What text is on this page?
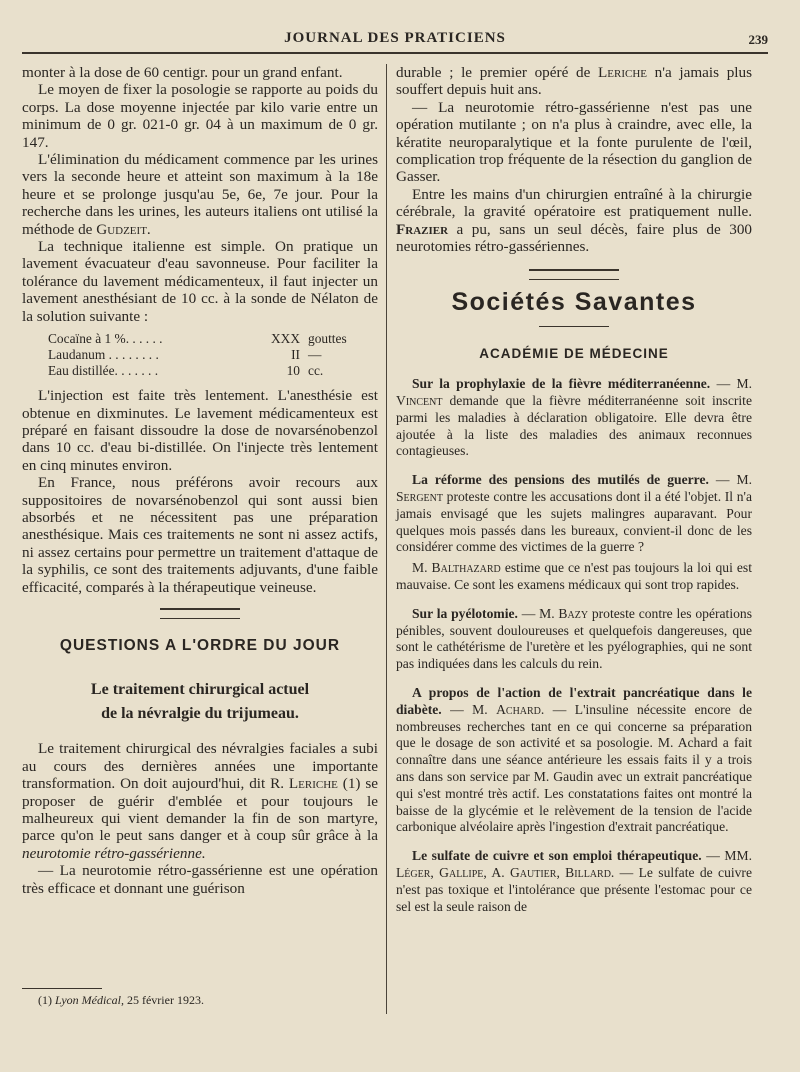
JOURNAL DES PRATICIENS	239

monter à la dose de 60 centigr. pour un grand enfant.

Le moyen de fixer la posologie se rapporte au poids du corps. La dose moyenne injectée par kilo varie entre un minimum de 0 gr. 021-0 gr. 04 à un maximum de 0 gr. 147.

L'élimination du médicament commence par les urines vers la seconde heure et atteint son maximum à la 18e heure et se prolonge jusqu'au 5e, 6e, 7e jour. Pour la recherche dans les urines, les auteurs italiens ont utilisé la méthode de Gudzeit.

La technique italienne est simple. On pratique un lavement évacuateur d'eau savonneuse. Pour faciliter la tolérance du lavement médicamenteux, il faut injecter un lavement anesthésiant de 10 cc. à la sonde de Nélaton de la solution suivante :

Cocaïne à 1 %. . . . . .	XXX gouttes
Laudanum . . . . . . . .	II —
Eau distillée. . . . . . .	10 cc.

L'injection est faite très lentement. L'anesthésie est obtenue en dixminutes. Le lavement médicamenteux est préparé en faisant dissoudre la dose de novarsénobenzol dans 10 cc. d'eau bi-distillée. On l'injecte très lentement en cinq minutes environ.

En France, nous préférons avoir recours aux suppositoires de novarsénobenzol qui sont aussi bien absorbés et ne nécessitent pas une préparation anesthésique. Mais ces traitements ne sont ni assez actifs, ni assez certains pour permettre un traitement d'attaque de la syphilis, ce sont des traitements adjuvants, d'une faible efficacité, comparés à la thérapeutique veineuse.

QUESTIONS A L'ORDRE DU JOUR
Le traitement chirurgical actuel
de la névralgie du trijumeau.

Le traitement chirurgical des névralgies faciales a subi au cours des dernières années une importante transformation. On doit aujourd'hui, dit R. Leriche (1) se proposer de guérir d'emblée et pour toujours le malheureux qui vient demander la fin de son martyre, parce qu'on le peut sans danger et à coup sûr grâce à la neurotomie rétro-gassérienne.

— La neurotomie rétro-gassérienne est une opération très efficace et donnant une guérison

(1) Lyon Médical, 25 février 1923.

durable ; le premier opéré de Leriche n'a jamais plus souffert depuis huit ans.

— La neurotomie rétro-gassérienne n'est pas une opération mutilante ; on n'a plus à craindre, avec elle, la kératite neuroparalytique et la fonte purulente de l'œil, complication trop fréquente de la résection du ganglion de Gasser.

Entre les mains d'un chirurgien entraîné à la chirurgie cérébrale, la gravité opératoire est pratiquement nulle. Frazier a pu, sans un seul décès, faire plus de 300 neurotomies rétro-gassériennes.

Sociétés Savantes
ACADÉMIE DE MÉDECINE

Sur la prophylaxie de la fièvre méditerranéenne. — M. Vincent demande que la fièvre méditerranéenne soit inscrite parmi les maladies à déclaration obligatoire. Elle devra être ajoutée à la liste des maladies des animaux reconnues contagieuses.

La réforme des pensions des mutilés de guerre. — M. Sergent proteste contre les accusations dont il a été l'objet. Il n'a jamais envisagé que les sujets malingres auparavant. Pour quelques mois passés dans les bureaux, convient-il donc de les considérer comme des victimes de la guerre ?

M. Balthazard estime que ce n'est pas toujours la loi qui est mauvaise. Ce sont les examens médicaux qui sont trop rapides.

Sur la pyélotomie. — M. Bazy proteste contre les opérations pénibles, souvent douloureuses et quelquefois dangereuses, que sont le cathétérisme de l'uretère et les pyélographies, qui ne sont pas indiquées dans les calculs du rein.

A propos de l'action de l'extrait pancréatique dans le diabète. — M. Achard. — L'insuline nécessite encore de nombreuses recherches tant en ce qui concerne sa préparation que le dosage de son activité et sa posologie. M. Achard a fait connaître dans une séance antérieure les essais faits il y a trois ans dans son service par M. Gaudin avec un extrait pancréatique qui s'est montré très actif. Les constatations faites ont montré la baisse de la glycémie et le relèvement de la tension de l'acide carbonique alvéolaire après l'ingestion d'extrait pancréatique.

Le sulfate de cuivre et son emploi thérapeutique. — MM. Léger, Gallipe, A. Gautier, Billard. — Le sulfate de cuivre n'est pas toxique et l'intolérance que présente l'estomac pour ce sel est la seule raison de
